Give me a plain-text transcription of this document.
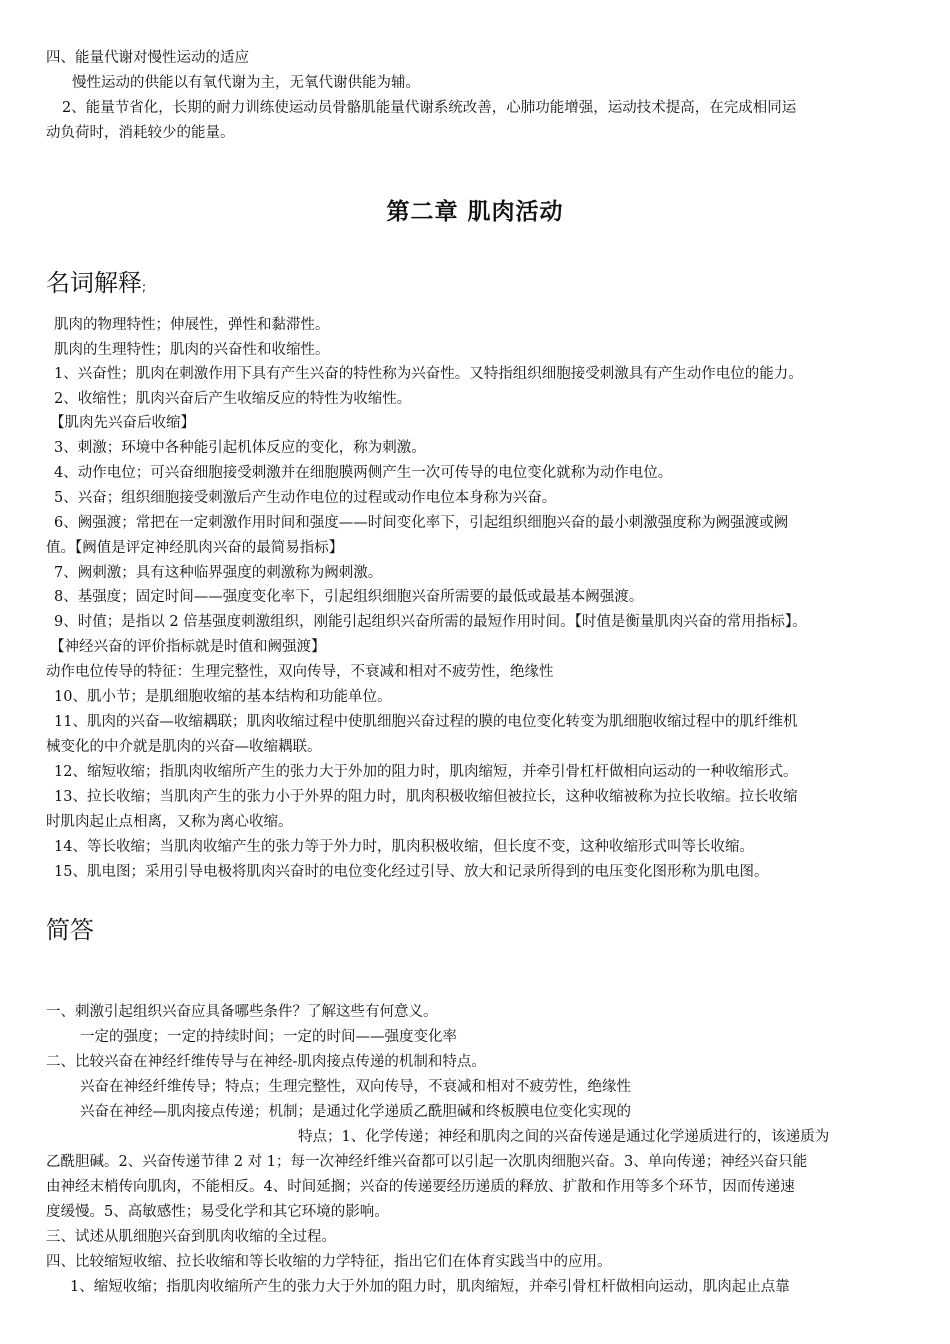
四、能量代谢对慢性运动的适应
慢性运动的供能以有氧代谢为主，无氧代谢供能为辅。
2、能量节省化，长期的耐力训练使运动员骨骼肌能量代谢系统改善，心肺功能增强，运动技术提高，在完成相同运
动负荷时，消耗较少的能量。
第二章 肌肉活动
名词解释;
肌肉的物理特性；伸展性，弹性和黏滞性。
肌肉的生理特性；肌肉的兴奋性和收缩性。
1、兴奋性；肌肉在刺激作用下具有产生兴奋的特性称为兴奋性。又特指组织细胞接受刺激具有产生动作电位的能力。
2、收缩性；肌肉兴奋后产生收缩反应的特性为收缩性。
【肌肉先兴奋后收缩】
3、刺激；环境中各种能引起机体反应的变化，称为刺激。
4、动作电位；可兴奋细胞接受刺激并在细胞膜两侧产生一次可传导的电位变化就称为动作电位。
5、兴奋；组织细胞接受刺激后产生动作电位的过程或动作电位本身称为兴奋。
6、阙强渡；常把在一定刺激作用时间和强度——时间变化率下，引起组织细胞兴奋的最小刺激强度称为阙强渡或阙
值。【阙值是评定神经肌肉兴奋的最简易指标】
7、阙刺激；具有这种临界强度的刺激称为阙刺激。
8、基强度；固定时间——强度变化率下，引起组织细胞兴奋所需要的最低或最基本阙强渡。
9、时值；是指以 2 倍基强度刺激组织，刚能引起组织兴奋所需的最短作用时间。【时值是衡量肌肉兴奋的常用指标】。
【神经兴奋的评价指标就是时值和阙强渡】
动作电位传导的特征：生理完整性，双向传导，不衰减和相对不疲劳性，绝缘性
10、肌小节；是肌细胞收缩的基本结构和功能单位。
11、肌肉的兴奋—收缩耦联；肌肉收缩过程中使肌细胞兴奋过程的膜的电位变化转变为肌细胞收缩过程中的肌纤维机
械变化的中介就是肌肉的兴奋—收缩耦联。
12、缩短收缩；指肌肉收缩所产生的张力大于外加的阻力时，肌肉缩短，并牵引骨杠杆做相向运动的一种收缩形式。
13、拉长收缩；当肌肉产生的张力小于外界的阻力时，肌肉积极收缩但被拉长，这种收缩被称为拉长收缩。拉长收缩
时肌肉起止点相离，又称为离心收缩。
14、等长收缩；当肌肉收缩产生的张力等于外力时，肌肉积极收缩，但长度不变，这种收缩形式叫等长收缩。
15、肌电图；采用引导电极将肌肉兴奋时的电位变化经过引导、放大和记录所得到的电压变化图形称为肌电图。
简答
一、刺激引起组织兴奋应具备哪些条件？了解这些有何意义。
一定的强度；一定的持续时间；一定的时间——强度变化率
二、比较兴奋在神经纤维传导与在神经-肌肉接点传递的机制和特点。
兴奋在神经纤维传导；特点；生理完整性，双向传导，不衰减和相对不疲劳性，绝缘性
兴奋在神经—肌肉接点传递；机制；是通过化学递质乙酰胆碱和终板膜电位变化实现的
特点；1、化学传递；神经和肌肉之间的兴奋传递是通过化学递质进行的，该递质为
乙酰胆碱。2、兴奋传递节律 2 对 1；每一次神经纤维兴奋都可以引起一次肌肉细胞兴奋。3、单向传递；神经兴奋只能
由神经末梢传向肌肉，不能相反。4、时间延搁；兴奋的传递要经历递质的释放、扩散和作用等多个环节，因而传递速
度缓慢。5、高敏感性；易受化学和其它环境的影响。
三、试述从肌细胞兴奋到肌肉收缩的全过程。
四、比较缩短收缩、拉长收缩和等长收缩的力学特征，指出它们在体育实践当中的应用。
1、缩短收缩；指肌肉收缩所产生的张力大于外加的阻力时，肌肉缩短，并牵引骨杠杆做相向运动，肌肉起止点靠
